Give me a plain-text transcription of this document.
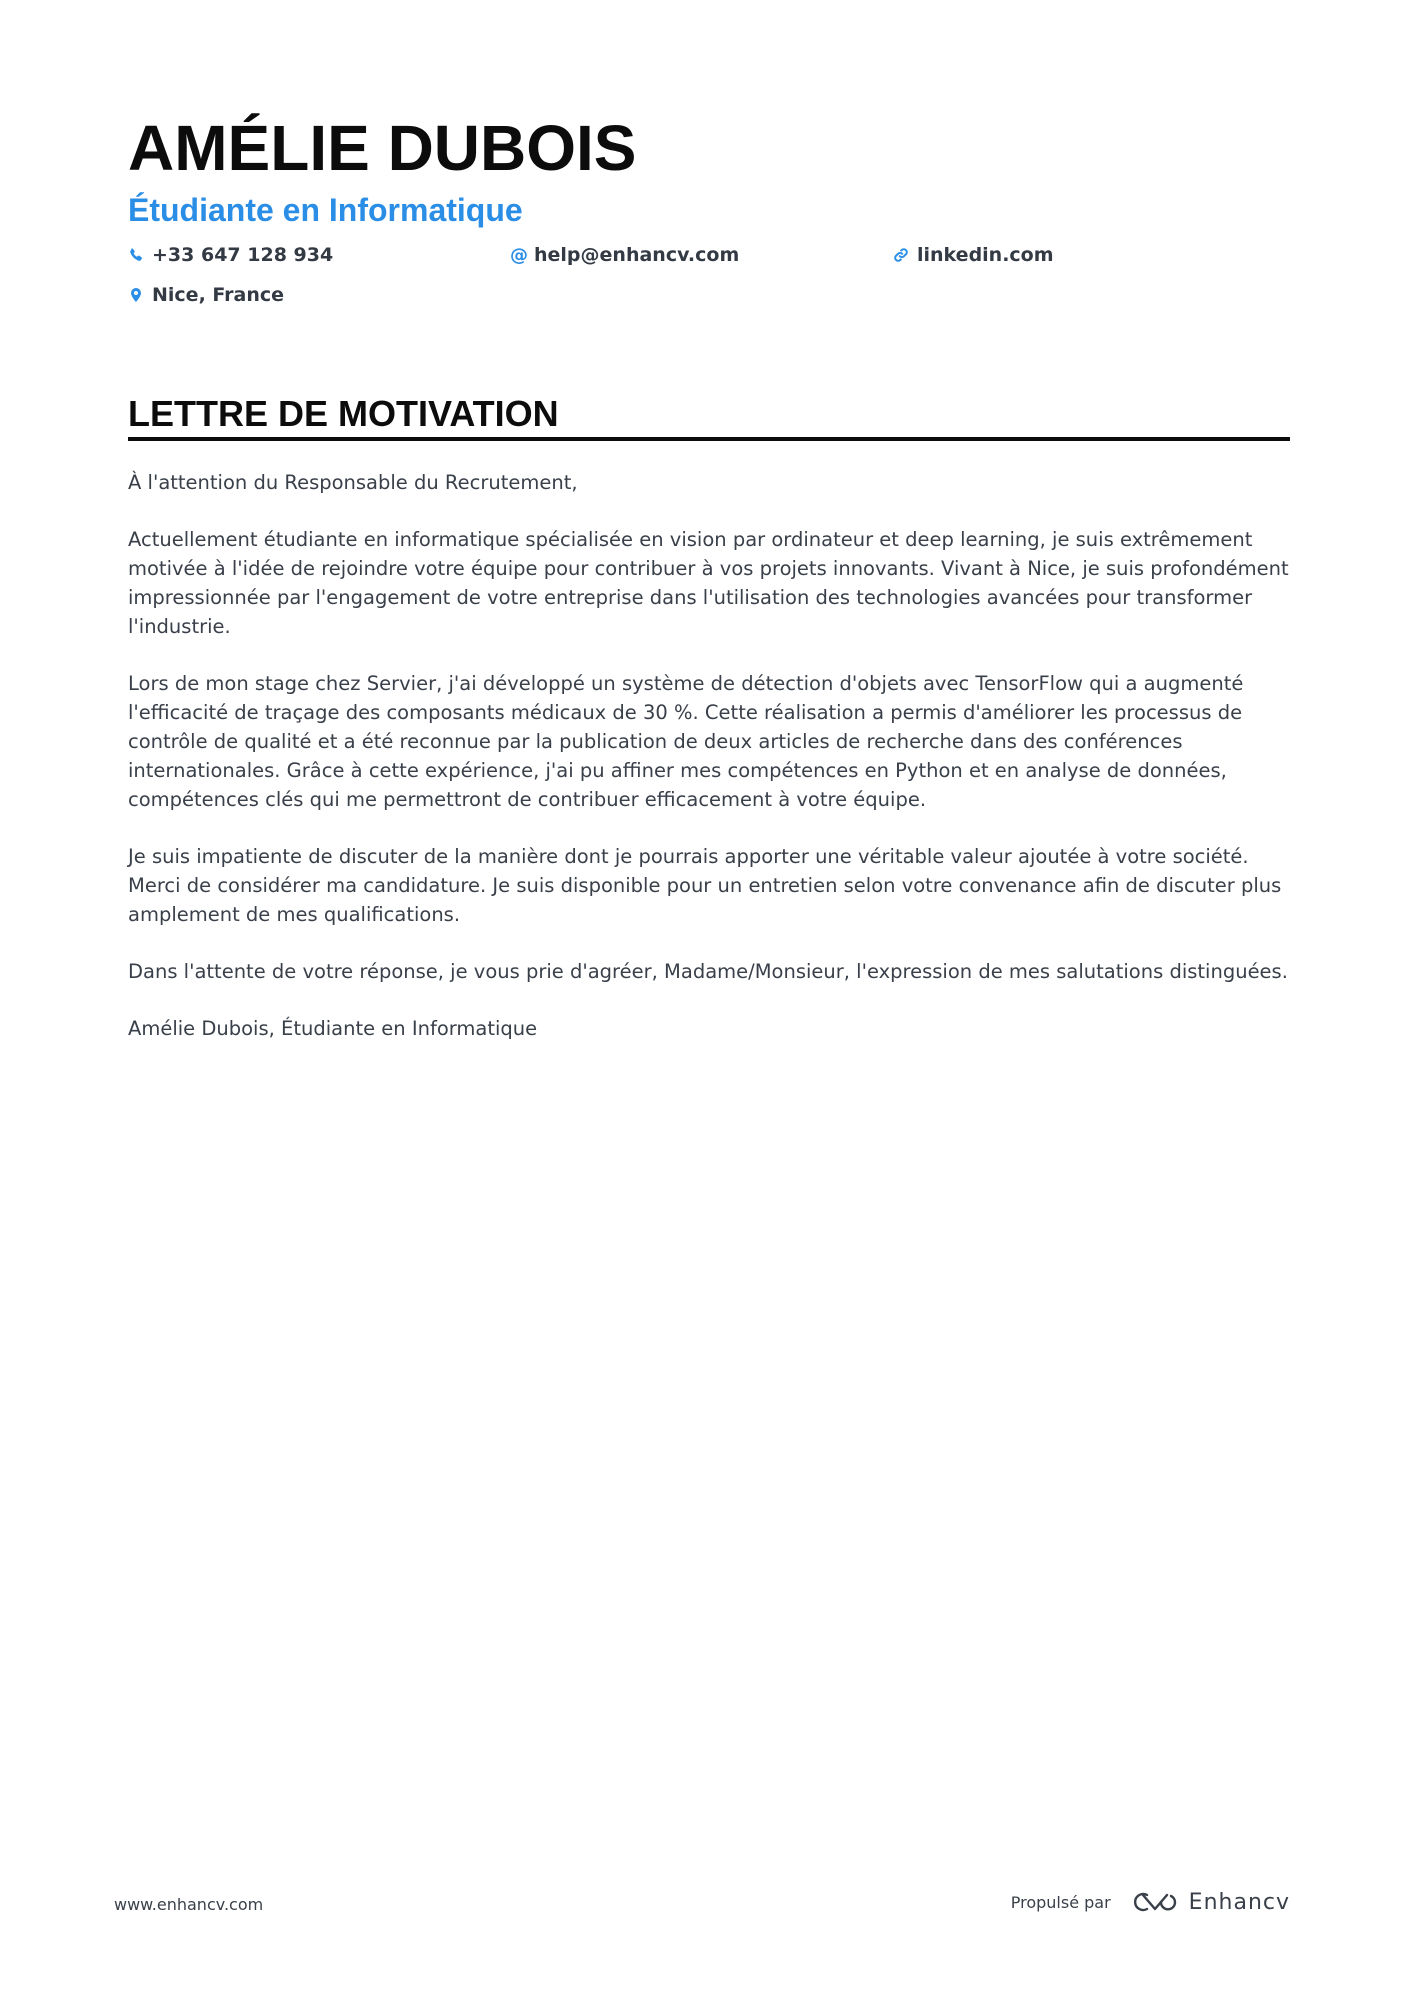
AMÉLIE DUBOIS
Étudiante en Informatique
+33 647 128 934	@ help@enhancv.com	linkedin.com
Nice, France
LETTRE DE MOTIVATION

À l'attention du Responsable du Recrutement,

Actuellement étudiante en informatique spécialisée en vision par ordinateur et deep learning, je suis extrêmement motivée à l'idée de rejoindre votre équipe pour contribuer à vos projets innovants. Vivant à Nice, je suis profondément impressionnée par l'engagement de votre entreprise dans l'utilisation des technologies avancées pour transformer l'industrie.

Lors de mon stage chez Servier, j'ai développé un système de détection d'objets avec TensorFlow qui a augmenté l'efficacité de traçage des composants médicaux de 30 %. Cette réalisation a permis d'améliorer les processus de contrôle de qualité et a été reconnue par la publication de deux articles de recherche dans des conférences internationales. Grâce à cette expérience, j'ai pu affiner mes compétences en Python et en analyse de données, compétences clés qui me permettront de contribuer efficacement à votre équipe.

Je suis impatiente de discuter de la manière dont je pourrais apporter une véritable valeur ajoutée à votre société. Merci de considérer ma candidature. Je suis disponible pour un entretien selon votre convenance afin de discuter plus amplement de mes qualifications.

Dans l'attente de votre réponse, je vous prie d'agréer, Madame/Monsieur, l'expression de mes salutations distinguées.

Amélie Dubois, Étudiante en Informatique

www.enhancv.com	Propulsé par	Enhancv
